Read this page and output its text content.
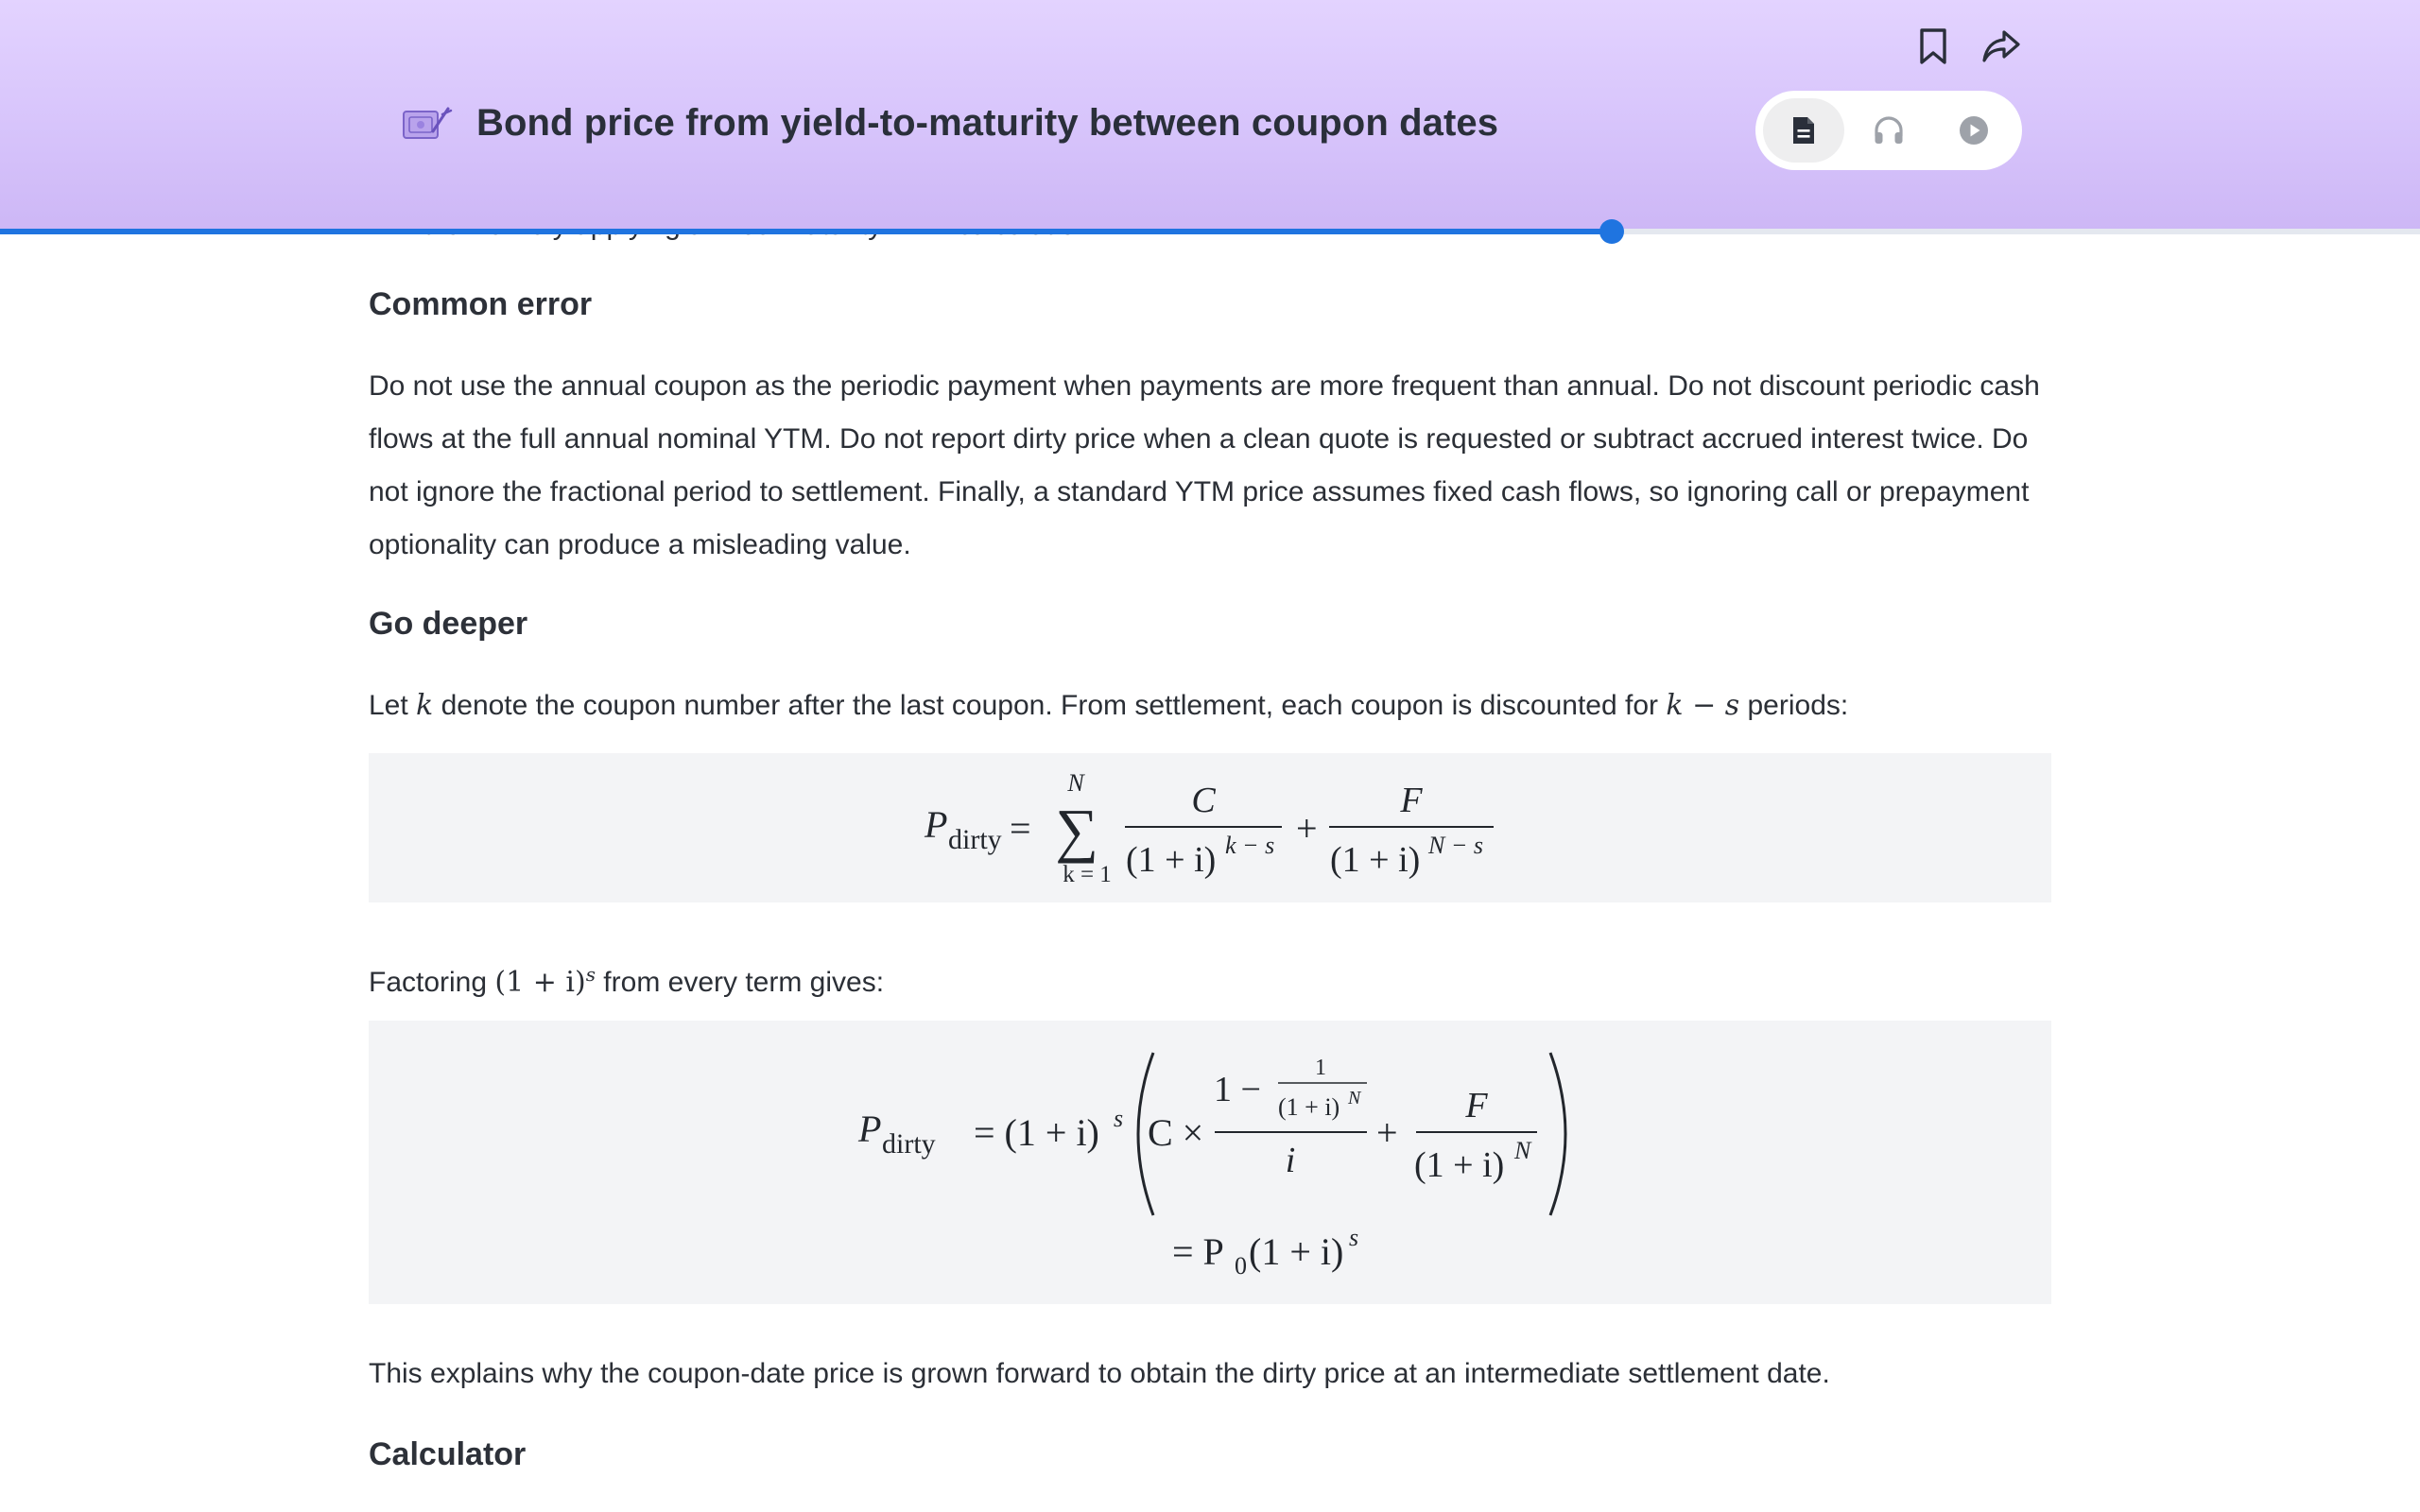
Bond price from yield-to-maturity between coupon dates
Common error

Do not use the annual coupon as the periodic payment when payments are more frequent than annual. Do not discount periodic cash flows at the full annual nominal YTM. Do not report dirty price when a clean quote is requested or subtract accrued interest twice. Do not ignore the fractional period to settlement. Finally, a standard YTM price assumes fixed cash flows, so ignoring call or prepayment optionality can produce a misleading value.

Go deeper

Let k denote the coupon number after the last coupon. From settlement, each coupon is discounted for k − s periods:

P dirty =
N
∑
k = 1
C
(1 + i) k − s +
F
(1 + i) N − s

Factoring $(1 + i)^s$ from every term gives:

P dirty = (1 + i) s C ×
1 −
1
(1 + i) N
i
+
F
(1 + i) N
= P 0 (1 + i) s

This explains why the coupon-date price is grown forward to obtain the dirty price at an intermediate settlement date.

Calculator
